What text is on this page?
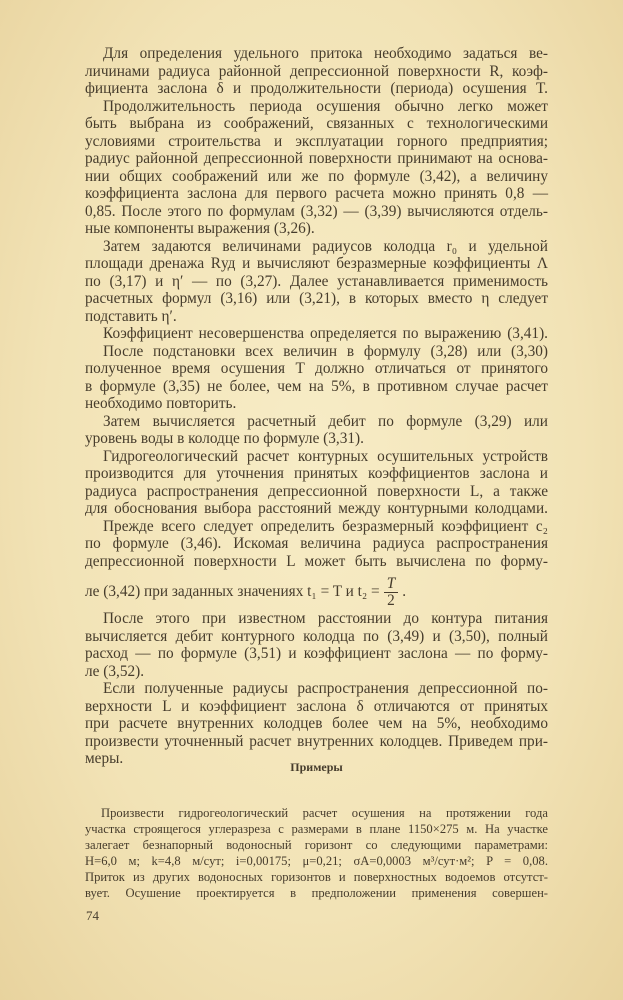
Для определения удельного притока необходимо задаться ве-
личинами радиуса районной депрессионной поверхности R, коэф-
фициента заслона δ и продолжительности (периода) осушения T.
Продолжительность периода осушения обычно легко может
быть выбрана из соображений, связанных с технологическими
условиями строительства и эксплуатации горного предприятия;
радиус районной депрессионной поверхности принимают на основа-
нии общих соображений или же по формуле (3,42), а величину
коэффициента заслона для первого расчета можно принять 0,8 —
0,85. После этого по формулам (3,32) — (3,39) вычисляются отдель-
ные компоненты выражения (3,26).
Затем задаются величинами радиусов колодца r₀ и удельной
площади дренажа Rуд и вычисляют безразмерные коэффициенты Λ
по (3,17) и η′ — по (3,27). Далее устанавливается применимость
расчетных формул (3,16) или (3,21), в которых вместо η следует
подставить η′.
Коэффициент несовершенства определяется по выражению (3,41).
После подстановки всех величин в формулу (3,28) или (3,30)
полученное время осушения T должно отличаться от принятого
в формуле (3,35) не более, чем на 5%, в противном случае расчет
необходимо повторить.
Затем вычисляется расчетный дебит по формуле (3,29) или
уровень воды в колодце по формуле (3,31).
Гидрогеологический расчет контурных осушительных устройств
производится для уточнения принятых коэффициентов заслона и
радиуса распространения депрессионной поверхности L, а также
для обоснования выбора расстояний между контурными колодцами.
Прежде всего следует определить безразмерный коэффициент c₂
по формуле (3,46). Искомая величина радиуса распространения
депрессионной поверхности L может быть вычислена по форму-
ле (3,42) при заданных значениях t₁ = T и $t_2 = \frac{T}{2}$ .
После этого при известном расстоянии до контура питания
вычисляется дебит контурного колодца по (3,49) и (3,50), полный
расход — по формуле (3,51) и коэффициент заслона — по форму-
ле (3,52).
Если полученные радиусы распространения депрессионной по-
верхности L и коэффициент заслона δ отличаются от принятых
при расчете внутренних колодцев более чем на 5%, необходимо
произвести уточненный расчет внутренних колодцев. Приведем при-
меры.	Примеры
Произвести гидрогеологический расчет осушения на протяжении года
участка строящегося углеразреза с размерами в плане 1150×275 м. На участке
залегает безнапорный водоносный горизонт со следующими параметрами:
H=6,0 м; k=4,8 м/сут; i=0,00175; μ=0,21; σA=0,0003 м³/сут·м²; P = 0,08.
Приток из других водоносных горизонтов и поверхностных водоемов отсутст-
вует. Осушение проектируется в предположении применения совершен-
74
